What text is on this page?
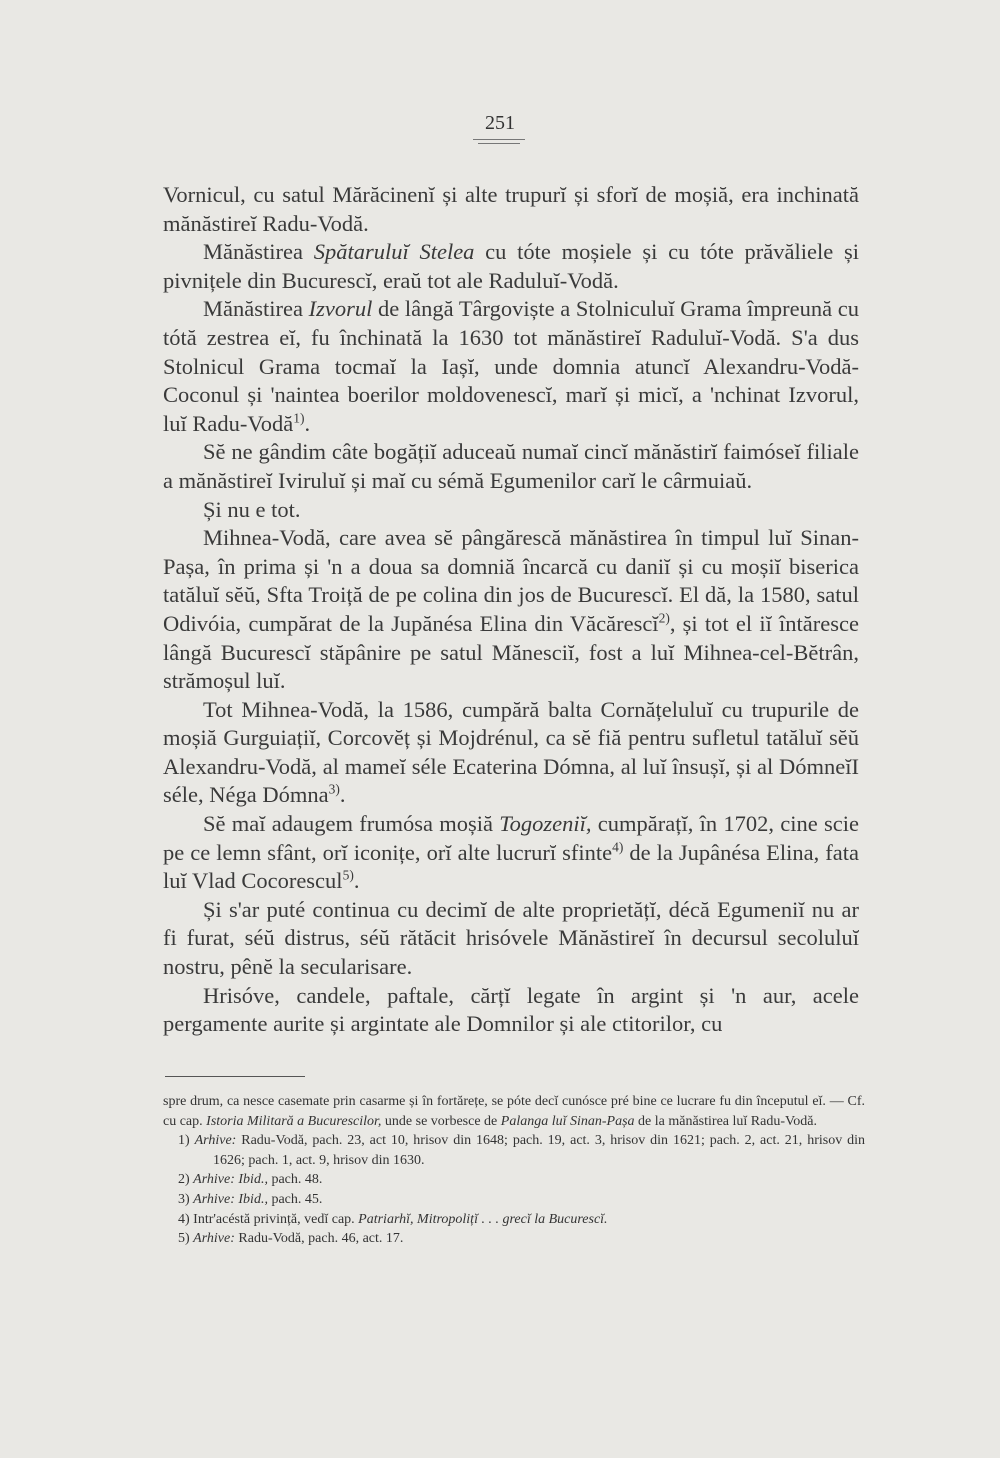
251

Vornicul, cu satul Mărăcinenĭ și alte trupurĭ și sforĭ de moșiă, era inchinată mănăstireĭ Radu-Vodă.

Mănăstirea Spătaruluĭ Stelea cu tóte moșiele și cu tóte prăvăliele și pivnițele din Bucurescĭ, eraŭ tot ale Raduluĭ-Vodă.

Mănăstirea Izvorul de lângă Târgoviște a Stolniculuĭ Grama împreună cu tótă zestrea eĭ, fu închinată la 1630 tot mănăstireĭ Raduluĭ-Vodă. S'a dus Stolnicul Grama tocmaĭ la Iașĭ, unde domnia atuncĭ Alexandru-Vodă-Coconul și 'naintea boerilor moldovenescĭ, marĭ și micĭ, a 'nchinat Izvorul, luĭ Radu-Vodă$^{1)}$.

Sĕ ne gândim câte bogățiĭ aduceaŭ numaĭ cincĭ mănăstirĭ faimóseĭ filiale a mănăstireĭ Iviruluĭ și maĭ cu sémă Egumenilor carĭ le cârmuiaŭ.

Și nu e tot.

Mihnea-Vodă, care avea sĕ pângărescă mănăstirea în timpul luĭ Sinan-Pașa, în prima și 'n a doua sa domniă încarcă cu daniĭ și cu moșiĭ biserica tatăluĭ sĕŭ, Sfta Troiță de pe colina din jos de Bucurescĭ. El dă, la 1580, satul Odivóia, cumpărat de la Jupănésa Elina din Văcărescĭ$^{2)}$, și tot el iĭ întăresce lângă Bucurescĭ stăpânire pe satul Mănesciĭ, fost a luĭ Mihnea-cel-Bĕtrân, strămoșul luĭ.

Tot Mihnea-Vodă, la 1586, cumpără balta Cornățeluluĭ cu trupurile de moșiă Gurguiațiĭ, Corcovĕț și Mojdrénul, ca sĕ fiă pentru sufletul tatăluĭ sĕŭ Alexandru-Vodă, al mameĭ séle Ecaterina Dómna, al luĭ însușĭ, și al DómneĭI séle, Néga Dómna$^{3)}$.

Sĕ maĭ adaugem frumósa moșiă Togozeniĭ, cumpărațĭ, în 1702, cine scie pe ce lemn sfânt, orĭ iconițe, orĭ alte lucrurĭ sfinte$^{4)}$ de la Jupânésa Elina, fata luĭ Vlad Cocorescul$^{5)}$.

Și s'ar puté continua cu decimĭ de alte proprietățĭ, décă Egumeniĭ nu ar fi furat, séŭ distrus, séŭ rătăcit hrisóvele Mănăstireĭ în decursul secoluluĭ nostru, pênĕ la secularisare.

Hrisóve, candele, paftale, cărțĭ legate în argint și 'n aur, acele pergamente aurite și argintate ale Domnilor și ale ctitorilor, cu

spre drum, ca nesce casemate prin casarme și în fortărețe, se póte decĭ cunósce pré bine ce lucrare fu din începutul eĭ. — Cf. cu cap. Istoria Militară a Bucurescilor, unde se vorbesce de Palanga luĭ Sinan-Pașa de la mănăstirea luĭ Radu-Vodă.

1) Arhive: Radu-Vodă, pach. 23, act 10, hrisov din 1648; pach. 19, act. 3, hrisov din 1621; pach. 2, act. 21, hrisov din 1626; pach. 1, act. 9, hrisov din 1630.

2) Arhive: Ibid., pach. 48.

3) Arhive: Ibid., pach. 45.

4) Intr'acéstă privință, vedĭ cap. Patriarhĭ, Mitropolițĭ . . . grecĭ la Bucurescĭ.

5) Arhive: Radu-Vodă, pach. 46, act. 17.
